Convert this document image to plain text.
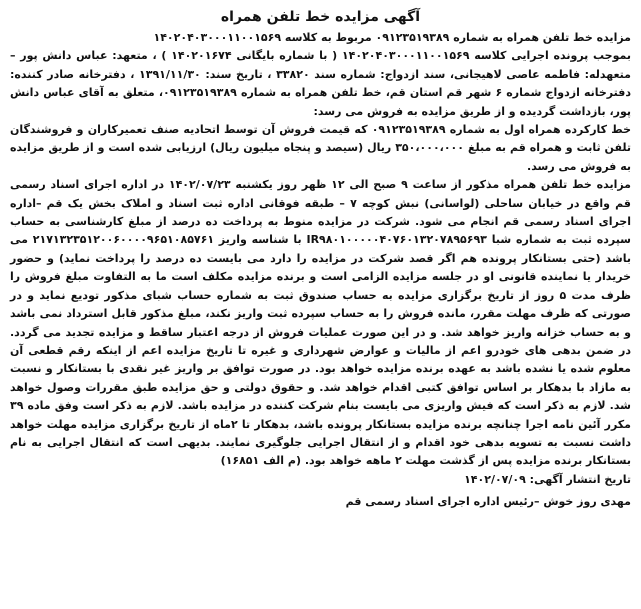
آگهی مزایده خط تلفن همراه

مزایده خط تلفن همراه به شماره ۰۹۱۲۳۵۱۹۳۸۹ مربوط به کلاسه ۱۴۰۲۰۴۰۳۰۰۰۱۱۰۰۱۵۶۹

بموجب پرونده اجرایی کلاسه ۱۴۰۲۰۴۰۳۰۰۰۱۱۰۰۱۵۶۹ ( با شماره بایگانی ۱۴۰۲۰۱۶۷۴ ) ، متعهد: عباس دانش پور – متعهدله: فاطمه عاصی لاهیجانی، سند ازدواج: شماره سند ۳۳۸۲۰ ، تاریخ سند: ۱۳۹۱/۱۱/۳۰ ، دفترخانه صادر کننده: دفترخانه ازدواج شماره ۶ شهر قم استان قم، خط تلفن همراه به شماره ۰۹۱۲۳۵۱۹۳۸۹، متعلق به آقای عباس دانش پور، بازداشت گردیده و از طریق مزایده به فروش می رسد:

خط کارکرده همراه اول به شماره ۰۹۱۲۳۵۱۹۳۸۹ که قیمت فروش آن توسط اتحادیه صنف تعمیرکاران و فروشندگان تلفن ثابت و همراه قم به مبلغ ۳۵۰،۰۰۰،۰۰۰ ریال (سیصد و پنجاه میلیون ریال) ارزیابی شده است و از طریق مزایده به فروش می رسد.

مزایده خط تلفن همراه مذکور از ساعت ۹ صبح الی ۱۲ ظهر روز یکشنبه ۱۴۰۲/۰۷/۲۳ در اداره اجرای اسناد رسمی قم واقع در خیابان ساحلی (لواسانی) نبش کوچه ۷ – طبقه فوقانی اداره ثبت اسناد و املاک بخش یک قم –اداره اجرای اسناد رسمی قم انجام می شود. شرکت در مزایده منوط به پرداخت ده درصد از مبلغ کارشناسی به حساب سپرده ثبت به شماره شبا IR۹۸۰۱۰۰۰۰۰۴۰۷۶۰۱۳۲۰۷۸۹۵۶۹۳ با شناسه واریز ۲۱۷۱۳۲۳۵۱۲۰۰۶۰۰۰۰۹۶۵۱۰۸۵۷۶۱ می باشد (حتی بستانکار پرونده هم اگر قصد شرکت در مزایده را دارد می بایست ده درصد را پرداخت نماید) و حضور خریدار یا نماینده قانونی او در جلسه مزایده الزامی است و برنده مزایده مکلف است ما به التفاوت مبلغ فروش را ظرف مدت ۵ روز از تاریخ برگزاری مزایده به حساب صندوق ثبت به شماره حساب شبای مذکور تودیع نماید و در صورتی که ظرف مهلت مقرر، مانده فروش را به حساب سپرده ثبت واریز نکند، مبلغ مذکور قابل استرداد نمی باشد و به حساب خزانه واریز خواهد شد. و در این صورت عملیات فروش از درجه اعتبار ساقط و مزایده تجدید می گردد. در ضمن بدهی های خودرو اعم از مالیات و عوارض شهرداری و غیره تا تاریخ مزایده اعم از اینکه رقم قطعی آن معلوم شده یا نشده باشد به عهده برنده مزایده خواهد بود. در صورت توافق بر واریز غیر نقدی با بستانکار و نسبت به مازاد با بدهکار بر اساس توافق کتبی اقدام خواهد شد. و حقوق دولتی و حق مزایده طبق مقررات وصول خواهد شد. لازم به ذکر است که فیش واریزی می بایست بنام شرکت کننده در مزایده باشد. لازم به ذکر است وفق ماده ۳۹ مکرر آئین نامه اجرا چنانچه برنده مزایده بستانکار پرونده باشد، بدهکار تا ۲ماه از تاریخ برگزاری مزایده مهلت خواهد داشت نسبت به تسویه بدهی خود اقدام و از انتقال اجرایی جلوگیری نمایند. بدیهی است که انتقال اجرایی به نام بستانکار برنده مزایده پس از گذشت مهلت ۲ ماهه خواهد بود. (م الف ۱۶۸۵۱)

تاریخ انتشار آگهی: ۱۴۰۲/۰۷/۰۹

مهدی روز خوش –رئیس اداره اجرای اسناد رسمی قم
